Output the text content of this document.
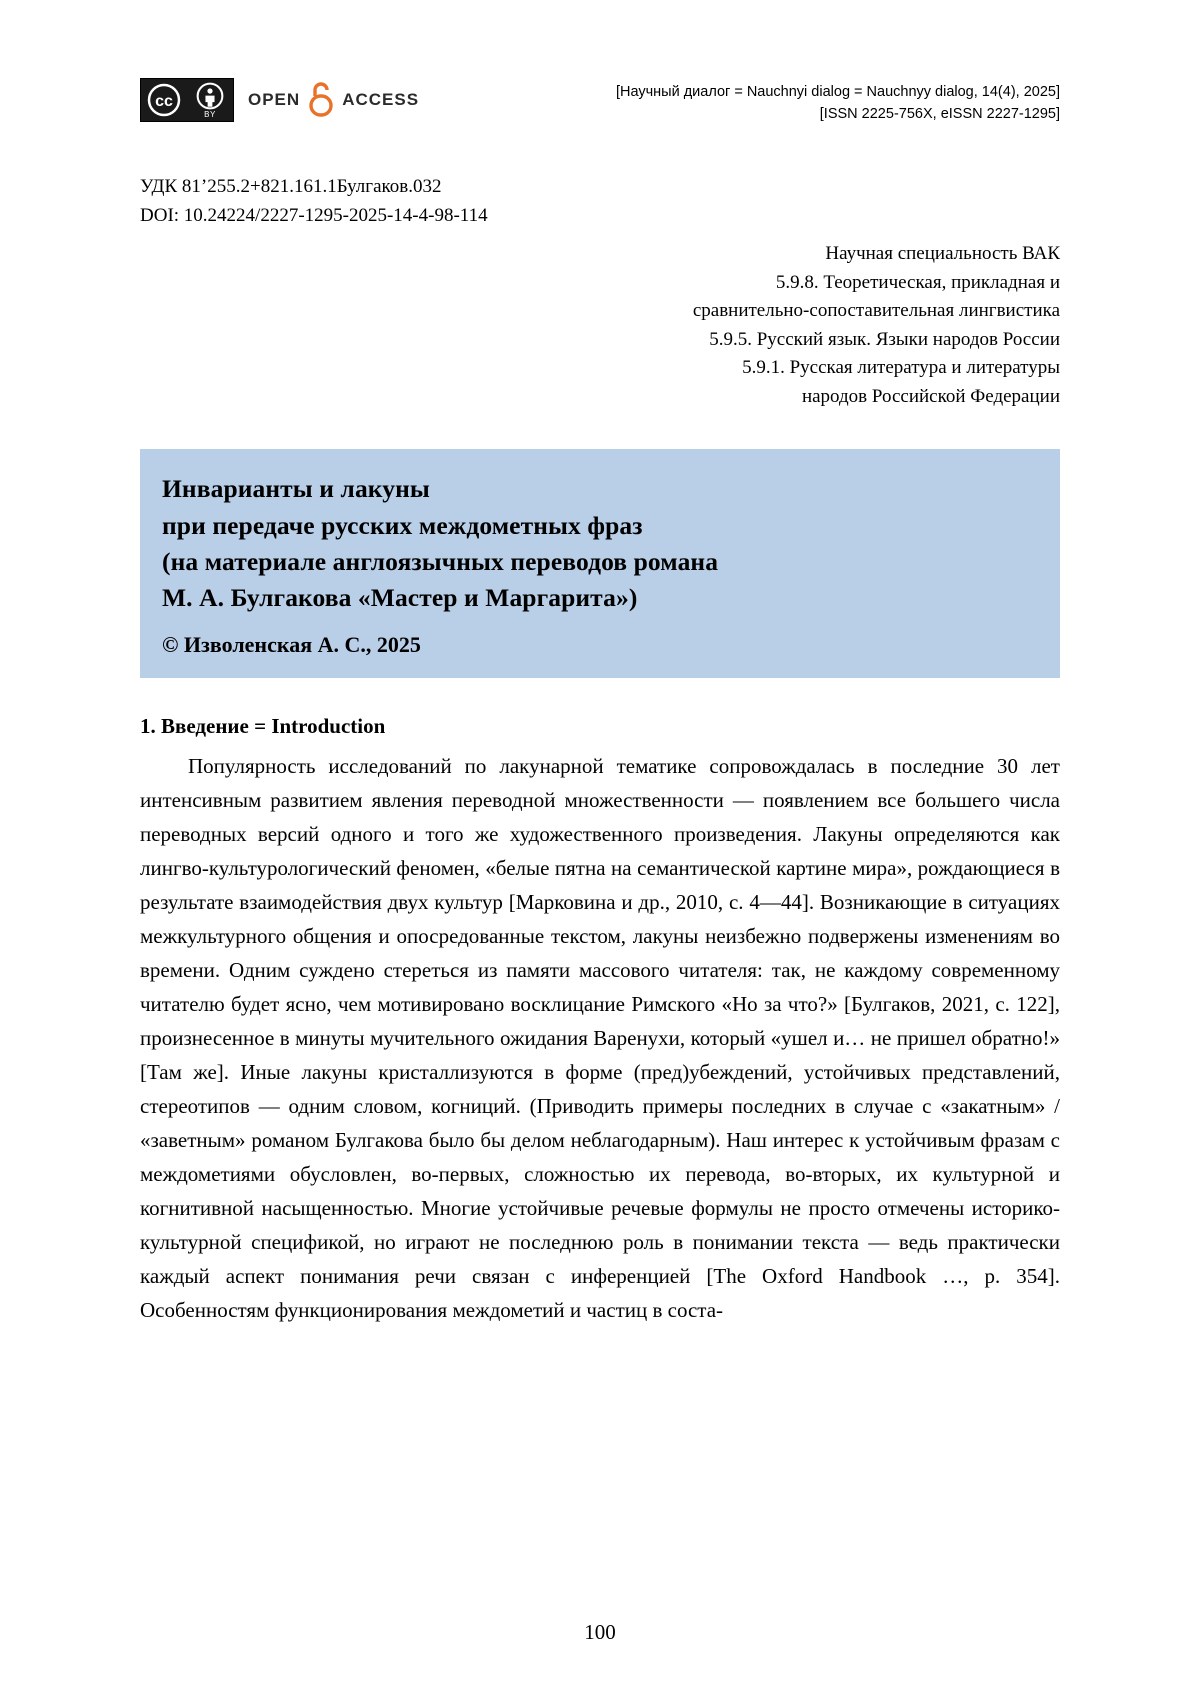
cc
BY
OPEN ACCESS	[Научный диалог = Nauchnyi dialog = Nauchnyy dialog, 14(4), 2025]
[ISSN 2225-756X, eISSN 2227-1295]
УДК 81’255.2+821.161.1Булгаков.032
DOI: 10.24224/2227-1295-2025-14-4-98-114
Научная специальность ВАК
5.9.8. Теоретическая, прикладная и
сравнительно-сопоставительная лингвистика
5.9.5. Русский язык. Языки народов России
5.9.1. Русская литература и литературы
народов Российской Федерации
Инварианты и лакуны
при передаче русских междометных фраз
(на материале англоязычных переводов романа
М. А. Булгакова «Мастер и Маргарита»)
© Изволенская А. С., 2025
1. Введение = Introduction
Популярность исследований по лакунарной тематике сопровождалась в последние 30 лет интенсивным развитием явления переводной множественности — появлением все большего числа переводных версий одного и того же художественного произведения. Лакуны определяются как лингво-культурологический феномен, «белые пятна на семантической картине мира», рождающиеся в результате взаимодействия двух культур [Марковина и др., 2010, с. 4—44]. Возникающие в ситуациях межкультурного общения и опосредованные текстом, лакуны неизбежно подвержены изменениям во времени. Одним суждено стереться из памяти массового читателя: так, не каждому современному читателю будет ясно, чем мотивировано восклицание Римского «Но за что?» [Булгаков, 2021, с. 122], произнесенное в минуты мучительного ожидания Варенухи, который «ушел и… не пришел обратно!» [Там же]. Иные лакуны кристаллизуются в форме (пред)убеждений, устойчивых представлений, стереотипов — одним словом, когниций. (Приводить примеры последних в случае с «закатным» / «заветным» романом Булгакова было бы делом неблагодарным). Наш интерес к устойчивым фразам с междометиями обусловлен, во-первых, сложностью их перевода, во-вторых, их культурной и когнитивной насыщенностью. Многие устойчивые речевые формулы не просто отмечены историко-культурной спецификой, но играют не последнюю роль в понимании текста — ведь практически каждый аспект понимания речи связан с инференцией [The Oxford Handbook …, p. 354]. Особенностям функционирования междометий и частиц в соста-
100
